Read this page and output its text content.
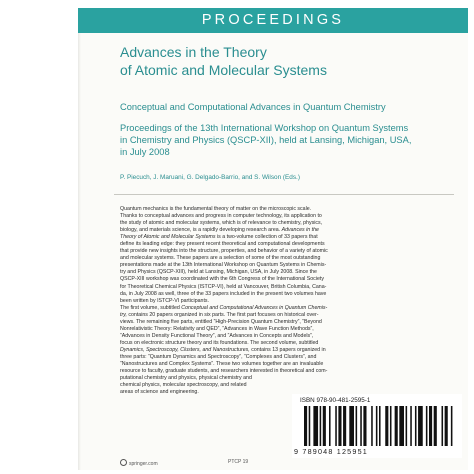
PROCEEDINGS
Advances in the Theory
of Atomic and Molecular Systems
Conceptual and Computational Advances in Quantum Chemistry
Proceedings of the 13th International Workshop on Quantum Systems
in Chemistry and Physics (QSCP-XII), held at Lansing, Michigan, USA,
in July 2008
P. Piecuch, J. Maruani, G. Delgado-Barrio, and S. Wilson (Eds.)

Quantum mechanics is the fundamental theory of matter on the microscopic scale.

Thanks to conceptual advances and progress in computer technology, its application to

the study of atomic and molecular systems, which is of relevance to chemistry, physics,

biology, and materials science, is a rapidly developing research area. Advances in the

Theory of Atomic and Molecular Systems is a two-volume collection of 33 papers that

define its leading edge: they present recent theoretical and computational developments

that provide new insights into the structure, properties, and behavior of a variety of atomic

and molecular systems. These papers are a selection of some of the most outstanding

presentations made at the 13th International Workshop on Quantum Systems in Chemis-

try and Physics (QSCP-XIII), held at Lansing, Michigan, USA, in July 2008. Since the

QSCP-XIII workshop was coordinated with the 6th Congress of the International Society

for Theoretical Chemical Physics (ISTCP-VI), held at Vancouver, British Columbia, Cana-

da, in July 2008 as well, three of the 33 papers included in the present two volumes have

been written by ISTCP-VI participants.

The first volume, subtitled Conceptual and Computational Advances in Quantum Chemis-

try, contains 20 papers organized in six parts. The first part focuses on historical over-

views. The remaining five parts, entitled “High-Precision Quantum Chemistry”, “Beyond

Nonrelativistic Theory: Relativity and QED”, “Advances in Wave Function Methods”,

“Advances in Density Functional Theory”, and “Advances in Concepts and Models”,

focus on electronic structure theory and its foundations. The second volume, subtitled

Dynamics, Spectroscopy, Clusters, and Nanostructures, contains 13 papers organized in

three parts: “Quantum Dynamics and Spectroscopy”, “Complexes and Clusters”, and

“Nanostructures and Complex Systems”. These two volumes together are an invaluable

resource to faculty, graduate students, and researchers interested in theoretical and com-

putational chemistry and physics, physical chemistry and

chemical physics, molecular spectroscopy, and related

areas of science and engineering.

ISBN 978-90-481-2595-1
9 789048 125951
springer.com	PTCP 19
